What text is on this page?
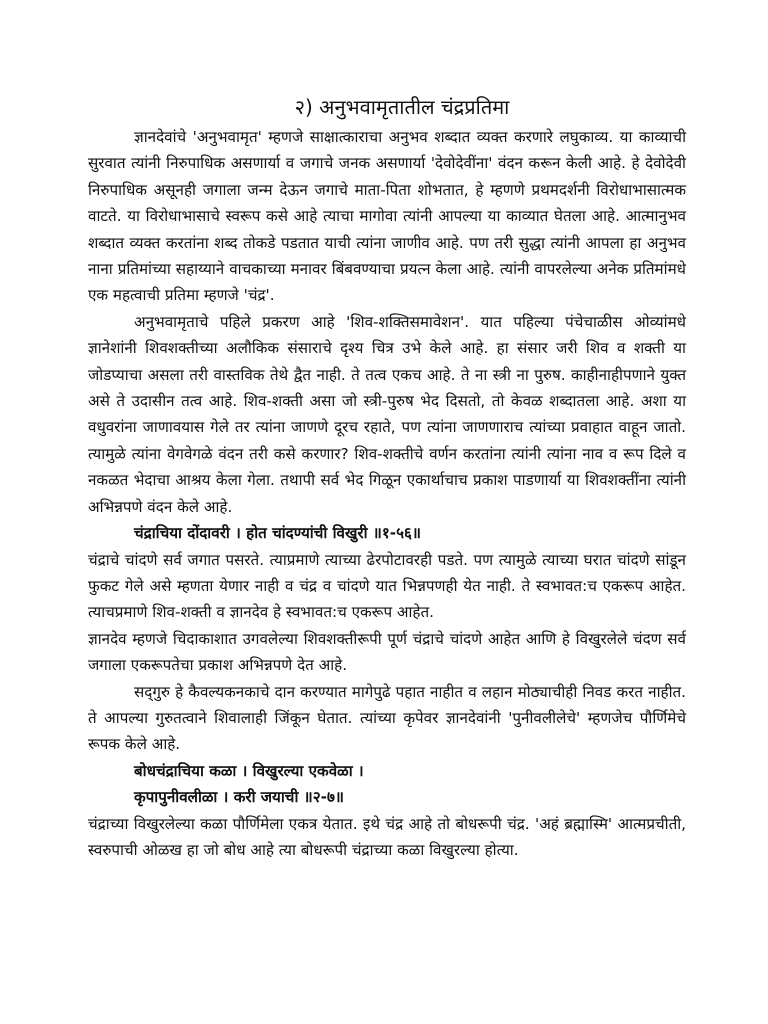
२) अनुभवामृतातील चंद्रप्रतिमा

ज्ञानदेवांचे 'अनुभवामृत' म्हणजे साक्षात्काराचा अनुभव शब्दात व्यक्त करणारे लघुकाव्य. या काव्याची सुरवात त्यांनी निरुपाधिक असणार्या व जगाचे जनक असणार्या 'देवोदेवींना' वंदन करून केली आहे. हे देवोदेवी निरुपाधिक असूनही जगाला जन्म देऊन जगाचे माता-पिता शोभतात, हे म्हणणे प्रथमदर्शनी विरोधाभासात्मक वाटते. या विरोधाभासाचे स्वरूप कसे आहे त्याचा मागोवा त्यांनी आपल्या या काव्यात घेतला आहे. आत्मानुभव शब्दात व्यक्त करतांना शब्द तोकडे पडतात याची त्यांना जाणीव आहे. पण तरी सुद्धा त्यांनी आपला हा अनुभव नाना प्रतिमांच्या सहाय्याने वाचकाच्या मनावर बिंबवण्याचा प्रयत्न केला आहे. त्यांनी वापरलेल्या अनेक प्रतिमांमधे एक महत्वाची प्रतिमा म्हणजे 'चंद्र'.

अनुभवामृताचे पहिले प्रकरण आहे 'शिव-शक्तिसमावेशन'. यात पहिल्या पंचेचाळीस ओव्यांमधे ज्ञानेशांनी शिवशक्तीच्या अलौकिक संसाराचे दृश्य चित्र उभे केले आहे. हा संसार जरी शिव व शक्ती या जोडप्याचा असला तरी वास्तविक तेथे द्वैत नाही. ते तत्व एकच आहे. ते ना स्त्री ना पुरुष. काहीनाहीपणाने युक्त असे ते उदासीन तत्व आहे. शिव-शक्ती असा जो स्त्री-पुरुष भेद दिसतो, तो केवळ शब्दातला आहे. अशा या वधुवरांना जाणावयास गेले तर त्यांना जाणणे दूरच रहाते, पण त्यांना जाणणाराच त्यांच्या प्रवाहात वाहून जातो. त्यामुळे त्यांना वेगवेगळे वंदन तरी कसे करणार? शिव-शक्तीचे वर्णन करतांना त्यांनी त्यांना नाव व रूप दिले व नकळत भेदाचा आश्रय केला गेला. तथापी सर्व भेद गिळून एकार्थाचाच प्रकाश पाडणार्या या शिवशक्तींना त्यांनी अभिन्नपणे वंदन केले आहे.

चंद्राचिया दोंदावरी । होत चांदण्यांची विखुरी ॥१-५६॥

चंद्राचे चांदणे सर्व जगात पसरते. त्याप्रमाणे त्याच्या ढेरपोटावरही पडते. पण त्यामुळे त्याच्या घरात चांदणे सांडून फुकट गेले असे म्हणता येणार नाही व चंद्र व चांदणे यात भिन्नपणही येत नाही. ते स्वभावत:च एकरूप आहेत. त्याचप्रमाणे शिव-शक्ती व ज्ञानदेव हे स्वभावत:च एकरूप आहेत.

ज्ञानदेव म्हणजे चिदाकाशात उगवलेल्या शिवशक्तीरूपी पूर्ण चंद्राचे चांदणे आहेत आणि हे विखुरलेले चंदण सर्व जगाला एकरूपतेचा प्रकाश अभिन्नपणे देत आहे.

सद्‌गुरु हे कैवल्यकनकाचे दान करण्यात मागेपुढे पहात नाहीत व लहान मोठ्याचीही निवड करत नाहीत. ते आपल्या गुरुतत्वाने शिवालाही जिंकून घेतात. त्यांच्या कृपेवर ज्ञानदेवांनी 'पुनीवलीलेचे' म्हणजेच पौर्णिमेचे रूपक केले आहे.

बोधचंद्राचिया कळा । विखुरल्या एकवेळा ।
कृपापुनीवलीळा । करी जयाची ॥२-७॥

चंद्राच्या विखुरलेल्या कळा पौर्णिमेला एकत्र येतात. इथे चंद्र आहे तो बोधरूपी चंद्र. 'अहं ब्रह्मास्मि' आत्मप्रचीती, स्वरुपाची ओळख हा जो बोध आहे त्या बोधरूपी चंद्राच्या कळा विखुरल्या होत्या.
